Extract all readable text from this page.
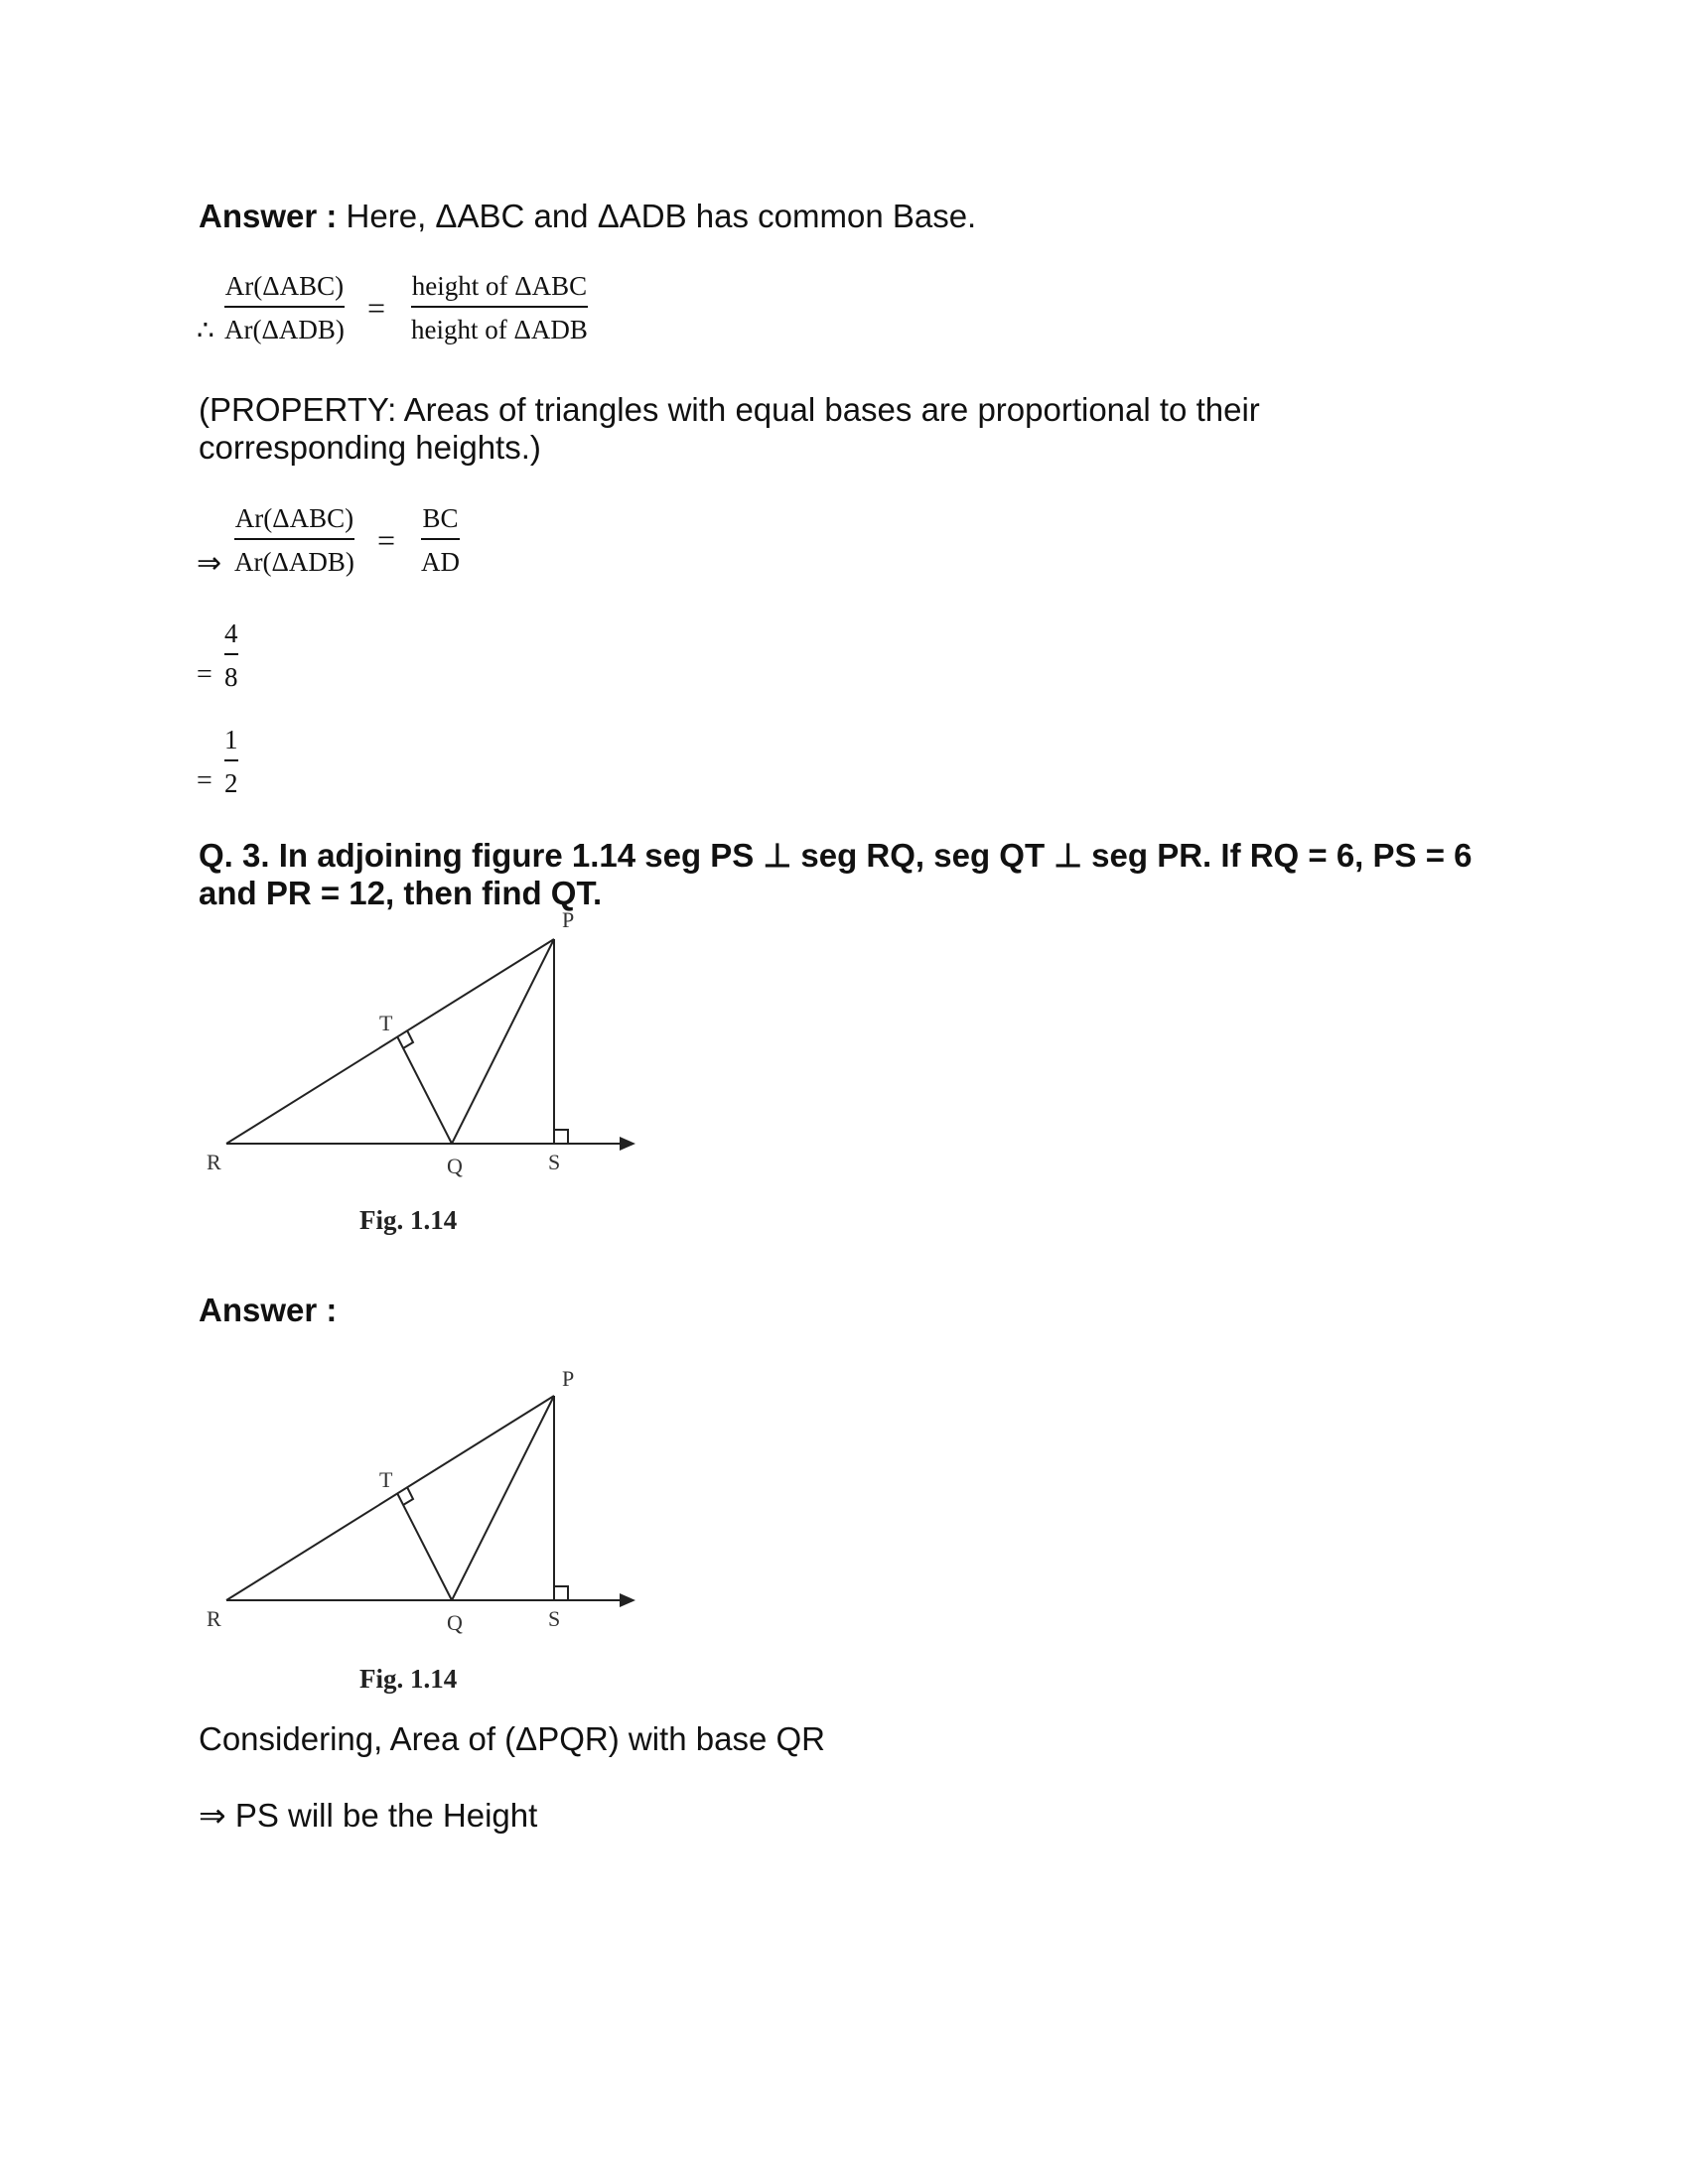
Answer : Here, ΔABC and ΔADB has common Base.
∴
Ar(ΔABC)
Ar(ΔADB)
=
height of ΔABC
height of ΔADB
(PROPERTY: Areas of triangles with equal bases are proportional to their
corresponding heights.)
⇒
Ar(ΔABC)
Ar(ΔADB)
=
BC
AD
=
4
8
=
1
2
Q. 3. In adjoining figure 1.14 seg PS ⊥ seg RQ, seg QT ⊥ seg PR. If RQ = 6, PS = 6
and PR = 12, then find QT.
P
T
R	Q	S
Fig. 1.14
Answer :
P
T
R	Q	S
Fig. 1.14
Considering, Area of (ΔPQR) with base QR
⇒ PS will be the Height
